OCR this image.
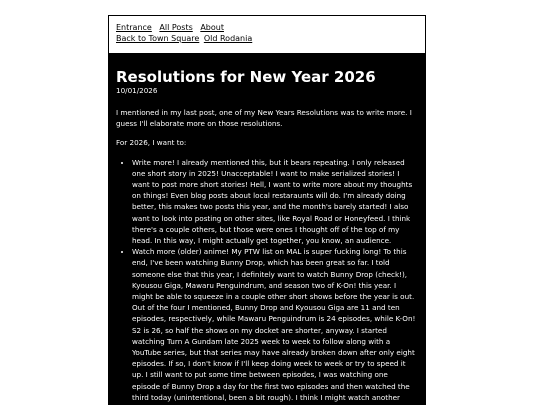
Entrance All Posts About
Back to Town Square Old Rodania
Resolutions for New Year 2026
10/01/2026

I mentioned in my last post, one of my New Years Resolutions was to write more. I guess I'll elaborate more on those resolutions.

For 2026, I want to:

• Write more! I already mentioned this, but it bears repeating. I only released one short story in 2025! Unacceptable! I want to make serialized stories! I want to post more short stories! Hell, I want to write more about my thoughts on things! Even blog posts about local restaraunts will do. I'm already doing better, this makes two posts this year, and the month's barely started! I also want to look into posting on other sites, like Royal Road or Honeyfeed. I think there's a couple others, but those were ones I thought off of the top of my head. In this way, I might actually get together, you know, an audience.
• Watch more (older) anime! My PTW list on MAL is super fucking long! To this end, I've been watching Bunny Drop, which has been great so far. I told someone else that this year, I definitely want to watch Bunny Drop (check!), Kyousou Giga, Mawaru Penguindrum, and season two of K-On! this year. I might be able to squeeze in a couple other short shows before the year is out. Out of the four I mentioned, Bunny Drop and Kyousou Giga are 11 and ten episodes, respectively, while Mawaru Penguindrum is 24 episodes, while K-On! S2 is 26, so half the shows on my docket are shorter, anyway. I started watching Turn A Gundam late 2025 week to week to follow along with a YouTube series, but that series may have already broken down after only eight episodes. If so, I don't know if I'll keep doing week to week or try to speed it up. I still want to put some time between episodes, I was watching one episode of Bunny Drop a day for the first two episodes and then watched the third today (unintentional, been a bit rough). I think I might watch another after I post this.
